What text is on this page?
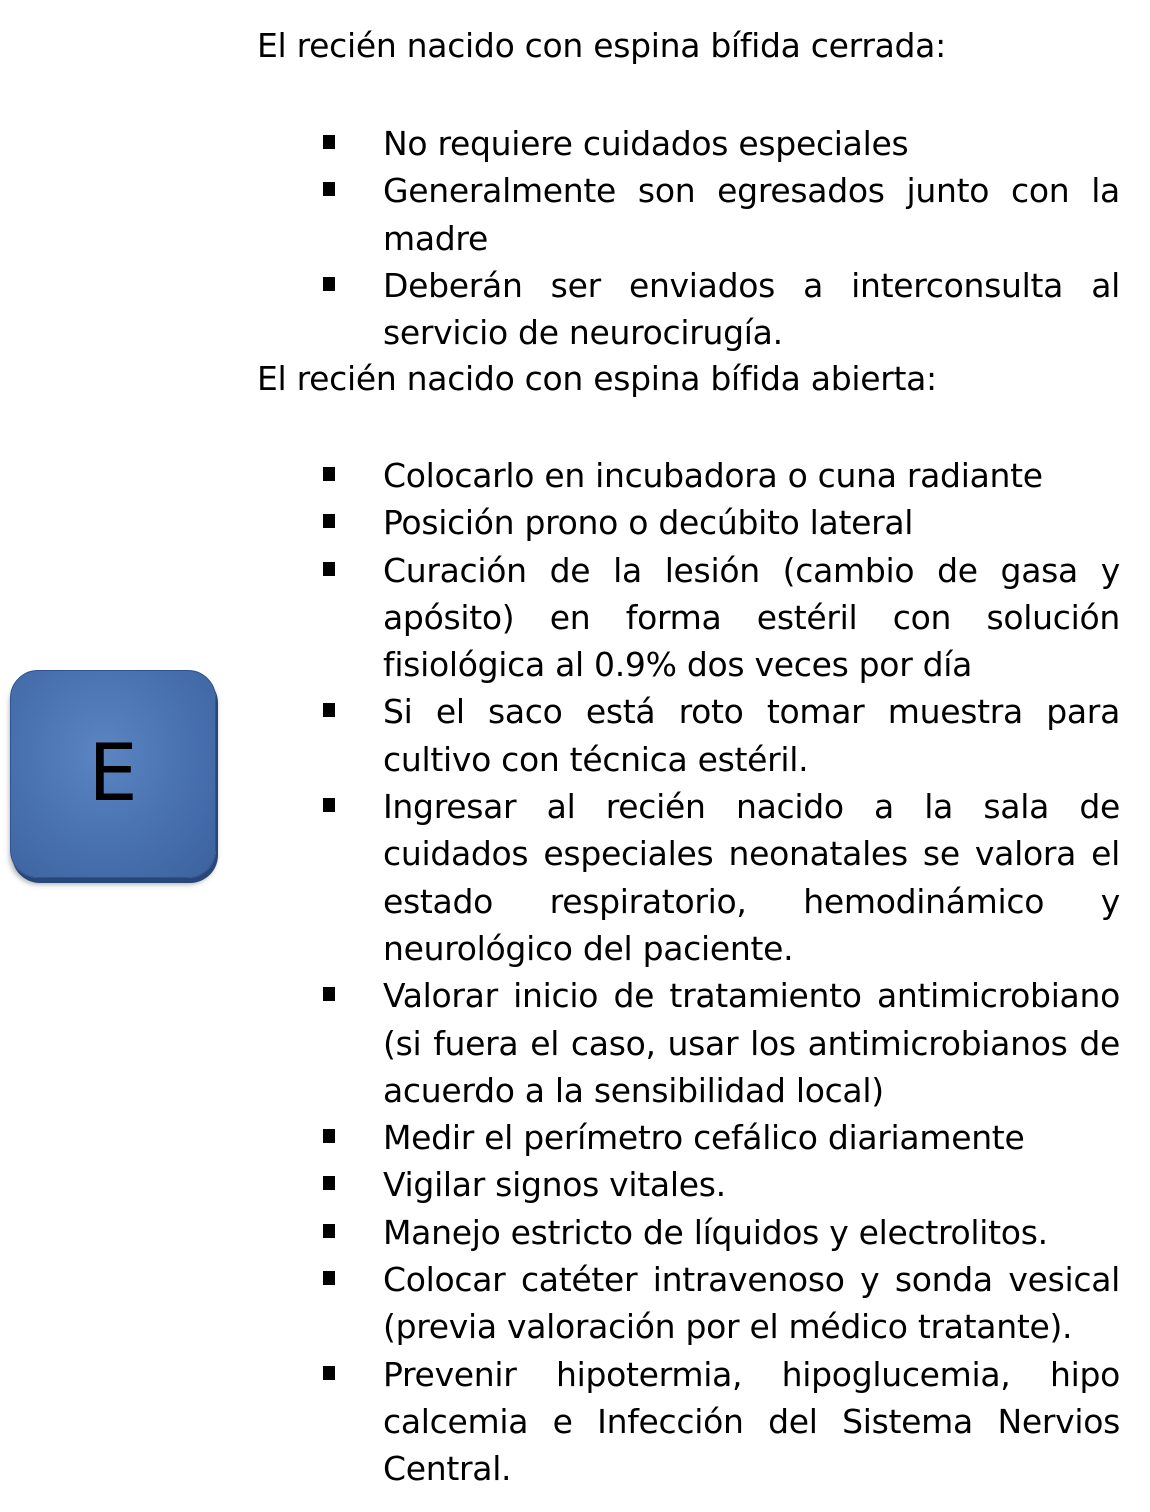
El recién nacido con espina bífida cerrada:
No requiere cuidados especiales
Generalmente son egresados junto con la madre
Deberán ser enviados a interconsulta al servicio de neurocirugía.
El recién nacido con espina bífida abierta:
Colocarlo en incubadora o cuna radiante
Posición prono o decúbito lateral
Curación de la lesión (cambio de gasa y apósito) en forma estéril con solución fisiológica al 0.9% dos veces por día
Si el saco está roto tomar muestra para cultivo con técnica estéril.
Ingresar al recién nacido a la sala de cuidados especiales neonatales se valora el estado respiratorio, hemodinámico y neurológico del paciente.
Valorar inicio de tratamiento antimicrobiano (si fuera el caso, usar los antimicrobianos de acuerdo a la sensibilidad local)
Medir el perímetro cefálico diariamente
Vigilar signos vitales.
Manejo estricto de líquidos y electrolitos.
Colocar catéter intravenoso y sonda vesical (previa valoración por el médico tratante).
Prevenir hipotermia, hipoglucemia, hipo calcemia e Infección del Sistema Nervios Central.
E
